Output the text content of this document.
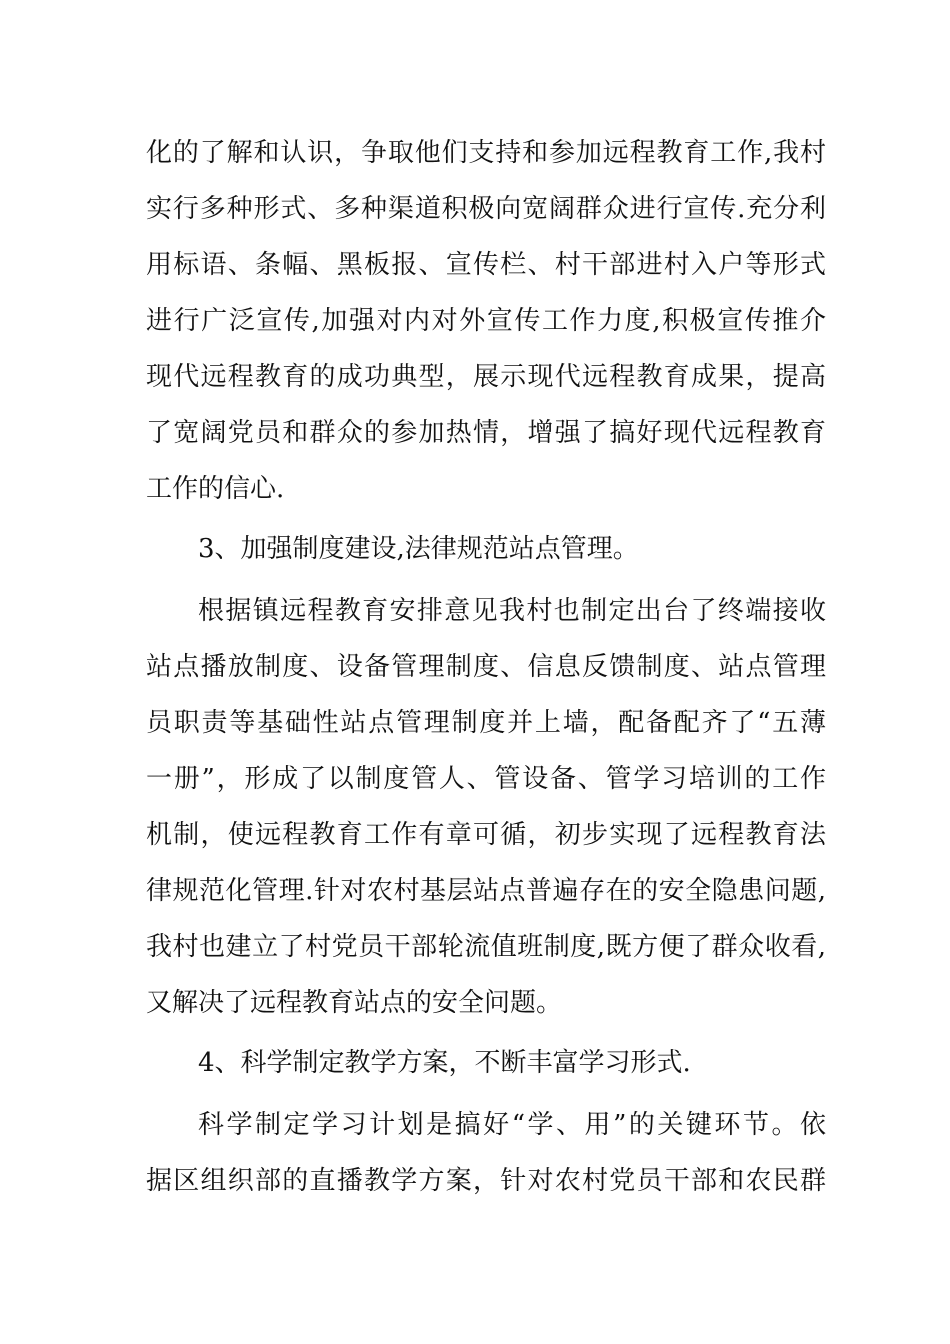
化的了解和认识，争取他们支持和参加远程教育工作,我村
实行多种形式、多种渠道积极向宽阔群众进行宣传.充分利
用标语、条幅、黑板报、宣传栏、村干部进村入户等形式
进行广泛宣传,加强对内对外宣传工作力度,积极宣传推介
现代远程教育的成功典型，展示现代远程教育成果，提高
了宽阔党员和群众的参加热情，增强了搞好现代远程教育
工作的信心.
3、加强制度建设,法律规范站点管理。
根据镇远程教育安排意见我村也制定出台了终端接收
站点播放制度、设备管理制度、信息反馈制度、站点管理
员职责等基础性站点管理制度并上墙，配备配齐了“五薄
一册”，形成了以制度管人、管设备、管学习培训的工作
机制，使远程教育工作有章可循，初步实现了远程教育法
律规范化管理.针对农村基层站点普遍存在的安全隐患问题,
我村也建立了村党员干部轮流值班制度,既方便了群众收看,
又解决了远程教育站点的安全问题。
4、科学制定教学方案，不断丰富学习形式.
科学制定学习计划是搞好“学、用”的关键环节。依
据区组织部的直播教学方案，针对农村党员干部和农民群
